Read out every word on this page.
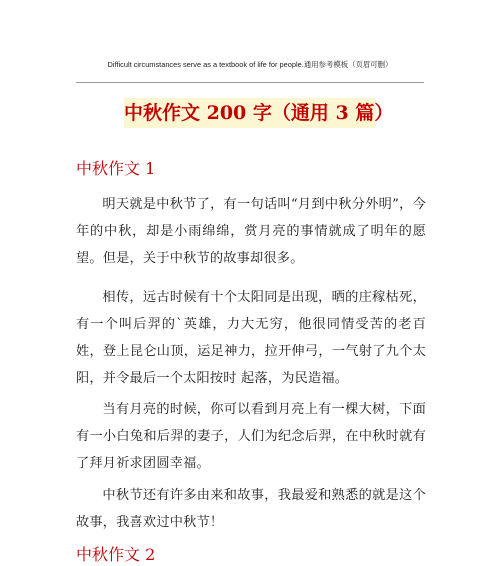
Difficult circumstances serve as a textbook of life for people.通用参考模板（页眉可删）
中秋作文 200 字（通用 3 篇）
中秋作文 1

明天就是中秋节了，有一句话叫“月到中秋分外明”，今年的中秋，却是小雨绵绵，赏月亮的事情就成了明年的愿望。但是，关于中秋节的故事却很多。

相传，远古时候有十个太阳同是出现，晒的庄稼枯死，有一个叫后羿的`英雄，力大无穷，他很同情受苦的老百姓，登上昆仑山顶，运足神力，拉开伸弓，一气射了九个太阳，并令最后一个太阳按时 起落，为民造福。

当有月亮的时候，你可以看到月亮上有一棵大树，下面有一小白兔和后羿的妻子，人们为纪念后羿，在中秋时就有了拜月祈求团圆幸福。

中秋节还有许多由来和故事，我最爱和熟悉的就是这个故事，我喜欢过中秋节！

中秋作文 2
